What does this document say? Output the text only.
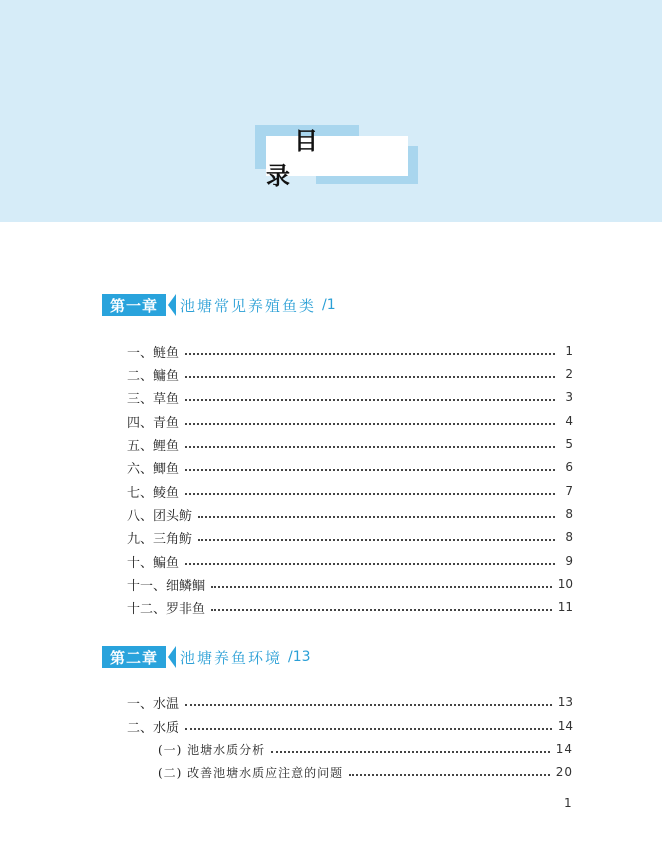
目 录
第一章	池塘常见养殖鱼类 /1
一、鲢鱼	1
二、鳙鱼	2
三、草鱼	3
四、青鱼	4
五、鲤鱼	5
六、鲫鱼	6
七、鲮鱼	7
八、团头鲂	8
九、三角鲂	8
十、鳊鱼	9
十一、细鳞鲴	10
十二、罗非鱼	11
第二章	池塘养鱼环境 /13
一、水温	13
二、水质	14
(一) 池塘水质分析	14
(二) 改善池塘水质应注意的问题	20
1
